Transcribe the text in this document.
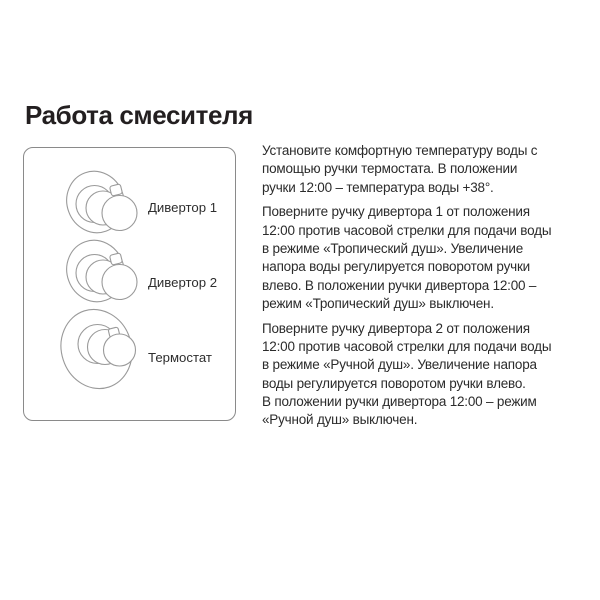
Работа смесителя
Дивертор 1
Дивертор 2
Термостат
Установите комфортную температуру воды с
помощью ручки термостата. В положении
ручки 12:00 – температура воды +38°.
Поверните ручку дивертора 1 от положения
12:00 против часовой стрелки для подачи воды
в режиме «Тропический душ». Увеличение
напора воды регулируется поворотом ручки
влево. В положении ручки дивертора 12:00 –
режим «Тропический душ» выключен.
Поверните ручку дивертора 2 от положения
12:00 против часовой стрелки для подачи воды
в режиме «Ручной душ». Увеличение напора
воды регулируется поворотом ручки влево.
В положении ручки дивертора 12:00 – режим
«Ручной душ» выключен.
